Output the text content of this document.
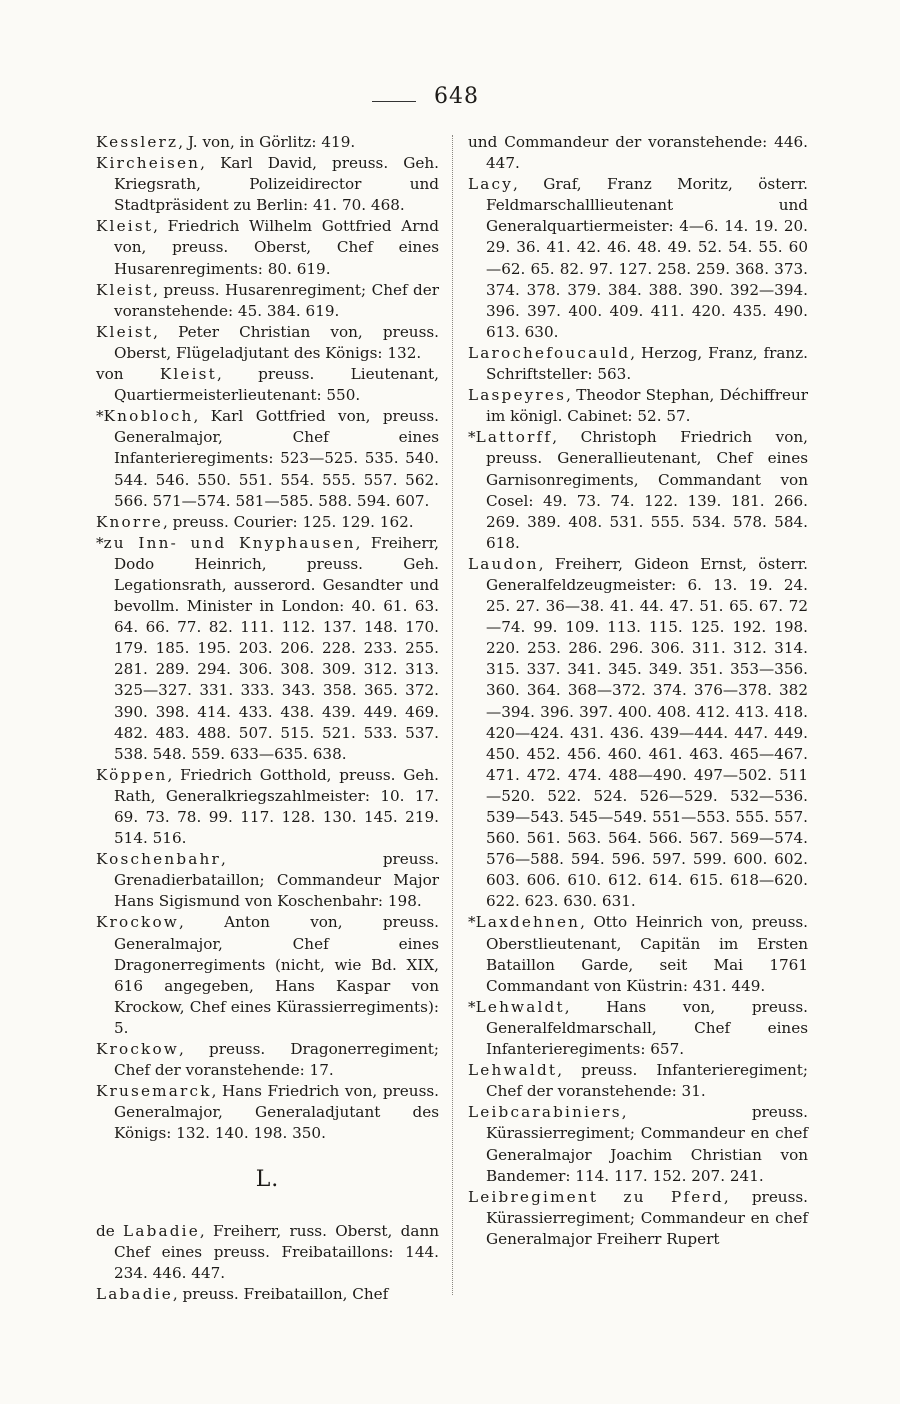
648
Kesslerz, J. von, in Görlitz: 419.
Kircheisen, Karl David, preuss. Geh. Kriegsrath, Polizeidirector und Stadtpräsident zu Berlin: 41. 70. 468.
Kleist, Friedrich Wilhelm Gottfried Arnd von, preuss. Oberst, Chef eines Husarenregiments: 80. 619.
Kleist, preuss. Husarenregiment; Chef der voranstehende: 45. 384. 619.
Kleist, Peter Christian von, preuss. Oberst, Flügeladjutant des Königs: 132.
von Kleist, preuss. Lieutenant, Quartiermeisterlieutenant: 550.
*Knobloch, Karl Gottfried von, preuss. Generalmajor, Chef eines Infanterieregiments: 523—525. 535. 540. 544. 546. 550. 551. 554. 555. 557. 562. 566. 571—574. 581—585. 588. 594. 607.
Knorre, preuss. Courier: 125. 129. 162.
*zu Inn- und Knyphausen, Freiherr, Dodo Heinrich, preuss. Geh. Legationsrath, ausserord. Gesandter und bevollm. Minister in London: 40. 61. 63. 64. 66. 77. 82. 111. 112. 137. 148. 170. 179. 185. 195. 203. 206. 228. 233. 255. 281. 289. 294. 306. 308. 309. 312. 313. 325—327. 331. 333. 343. 358. 365. 372. 390. 398. 414. 433. 438. 439. 449. 469. 482. 483. 488. 507. 515. 521. 533. 537. 538. 548. 559. 633—635. 638.
Köppen, Friedrich Gotthold, preuss. Geh. Rath, Generalkriegszahlmeister: 10. 17. 69. 73. 78. 99. 117. 128. 130. 145. 219. 514. 516.
Koschenbahr, preuss. Grenadierbataillon; Commandeur Major Hans Sigismund von Koschenbahr: 198.
Krockow, Anton von, preuss. Generalmajor, Chef eines Dragonerregiments (nicht, wie Bd. XIX, 616 angegeben, Hans Kaspar von Krockow, Chef eines Kürassierregiments): 5.
Krockow, preuss. Dragonerregiment; Chef der voranstehende: 17.
Krusemarck, Hans Friedrich von, preuss. Generalmajor, Generaladjutant des Königs: 132. 140. 198. 350.
L.
de Labadie, Freiherr, russ. Oberst, dann Chef eines preuss. Freibataillons: 144. 234. 446. 447.
Labadie, preuss. Freibataillon, Chef
und Commandeur der voranstehende: 446. 447.
Lacy, Graf, Franz Moritz, österr. Feldmarschalllieutenant und Generalquartiermeister: 4—6. 14. 19. 20. 29. 36. 41. 42. 46. 48. 49. 52. 54. 55. 60—62. 65. 82. 97. 127. 258. 259. 368. 373. 374. 378. 379. 384. 388. 390. 392—394. 396. 397. 400. 409. 411. 420. 435. 490. 613. 630.
Larochefoucauld, Herzog, Franz, franz. Schriftsteller: 563.
Laspeyres, Theodor Stephan, Déchiffreur im königl. Cabinet: 52. 57.
*Lattorff, Christoph Friedrich von, preuss. Generallieutenant, Chef eines Garnisonregiments, Commandant von Cosel: 49. 73. 74. 122. 139. 181. 266. 269. 389. 408. 531. 555. 534. 578. 584. 618.
Laudon, Freiherr, Gideon Ernst, österr. Generalfeldzeugmeister: 6. 13. 19. 24. 25. 27. 36—38. 41. 44. 47. 51. 65. 67. 72—74. 99. 109. 113. 115. 125. 192. 198. 220. 253. 286. 296. 306. 311. 312. 314. 315. 337. 341. 345. 349. 351. 353—356. 360. 364. 368—372. 374. 376—378. 382—394. 396. 397. 400. 408. 412. 413. 418. 420—424. 431. 436. 439—444. 447. 449. 450. 452. 456. 460. 461. 463. 465—467. 471. 472. 474. 488—490. 497—502. 511—520. 522. 524. 526—529. 532—536. 539—543. 545—549. 551—553. 555. 557. 560. 561. 563. 564. 566. 567. 569—574. 576—588. 594. 596. 597. 599. 600. 602. 603. 606. 610. 612. 614. 615. 618—620. 622. 623. 630. 631.
*Laxdehnen, Otto Heinrich von, preuss. Oberstlieutenant, Capitän im Ersten Bataillon Garde, seit Mai 1761 Commandant von Küstrin: 431. 449.
*Lehwaldt, Hans von, preuss. Generalfeldmarschall, Chef eines Infanterieregiments: 657.
Lehwaldt, preuss. Infanterieregiment; Chef der voranstehende: 31.
Leibcarabiniers, preuss. Kürassierregiment; Commandeur en chef Generalmajor Joachim Christian von Bandemer: 114. 117. 152. 207. 241.
Leibregiment zu Pferd, preuss. Kürassierregiment; Commandeur en chef Generalmajor Freiherr Rupert
